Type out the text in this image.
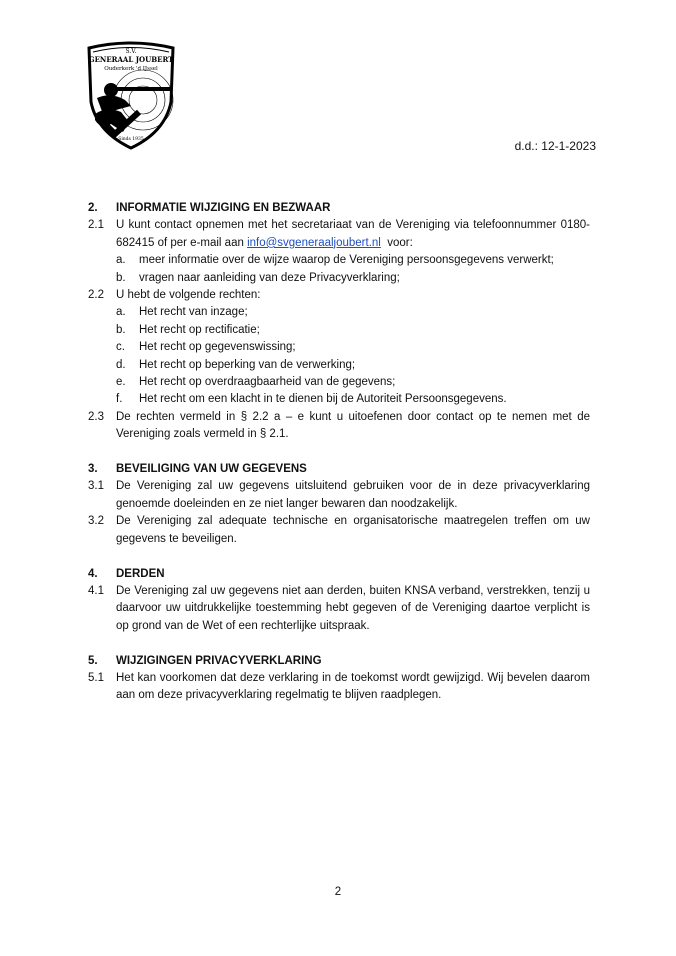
S.V.
GENERAAL JOUBERT
Ouderkerk 'd IJssel
Sinds 1935	d.d.: 12-1-2023
2.	INFORMATIE WIJZIGING EN BEZWAAR
2.1	U kunt contact opnemen met het secretariaat van de Vereniging via telefoonnummer 0180-682415 of per e-mail aan info@svgeneraaljoubert.nl  voor:
a.	meer informatie over de wijze waarop de Vereniging persoonsgegevens verwerkt;
b.	vragen naar aanleiding van deze Privacyverklaring;
2.2	U hebt de volgende rechten:
a.	Het recht van inzage;
b.	Het recht op rectificatie;
c.	Het recht op gegevenswissing;
d.	Het recht op beperking van de verwerking;
e.	Het recht op overdraagbaarheid van de gegevens;
f.	Het recht om een klacht in te dienen bij de Autoriteit Persoonsgegevens.
2.3	De rechten vermeld in § 2.2 a – e kunt u uitoefenen door contact op te nemen met de Vereniging zoals vermeld in § 2.1.
3.	BEVEILIGING VAN UW GEGEVENS
3.1	De Vereniging zal uw gegevens uitsluitend gebruiken voor de in deze privacyverklaring genoemde doeleinden en ze niet langer bewaren dan noodzakelijk.
3.2	De Vereniging zal adequate technische en organisatorische maatregelen treffen om uw gegevens te beveiligen.
4.	DERDEN
4.1	De Vereniging zal uw gegevens niet aan derden, buiten KNSA verband, verstrekken, tenzij u daarvoor uw uitdrukkelijke toestemming hebt gegeven of de Vereniging daartoe verplicht is op grond van de Wet of een rechterlijke uitspraak.
5.	WIJZIGINGEN PRIVACYVERKLARING
5.1	Het kan voorkomen dat deze verklaring in de toekomst wordt gewijzigd. Wij bevelen daarom aan om deze privacyverklaring regelmatig te blijven raadplegen.
2
